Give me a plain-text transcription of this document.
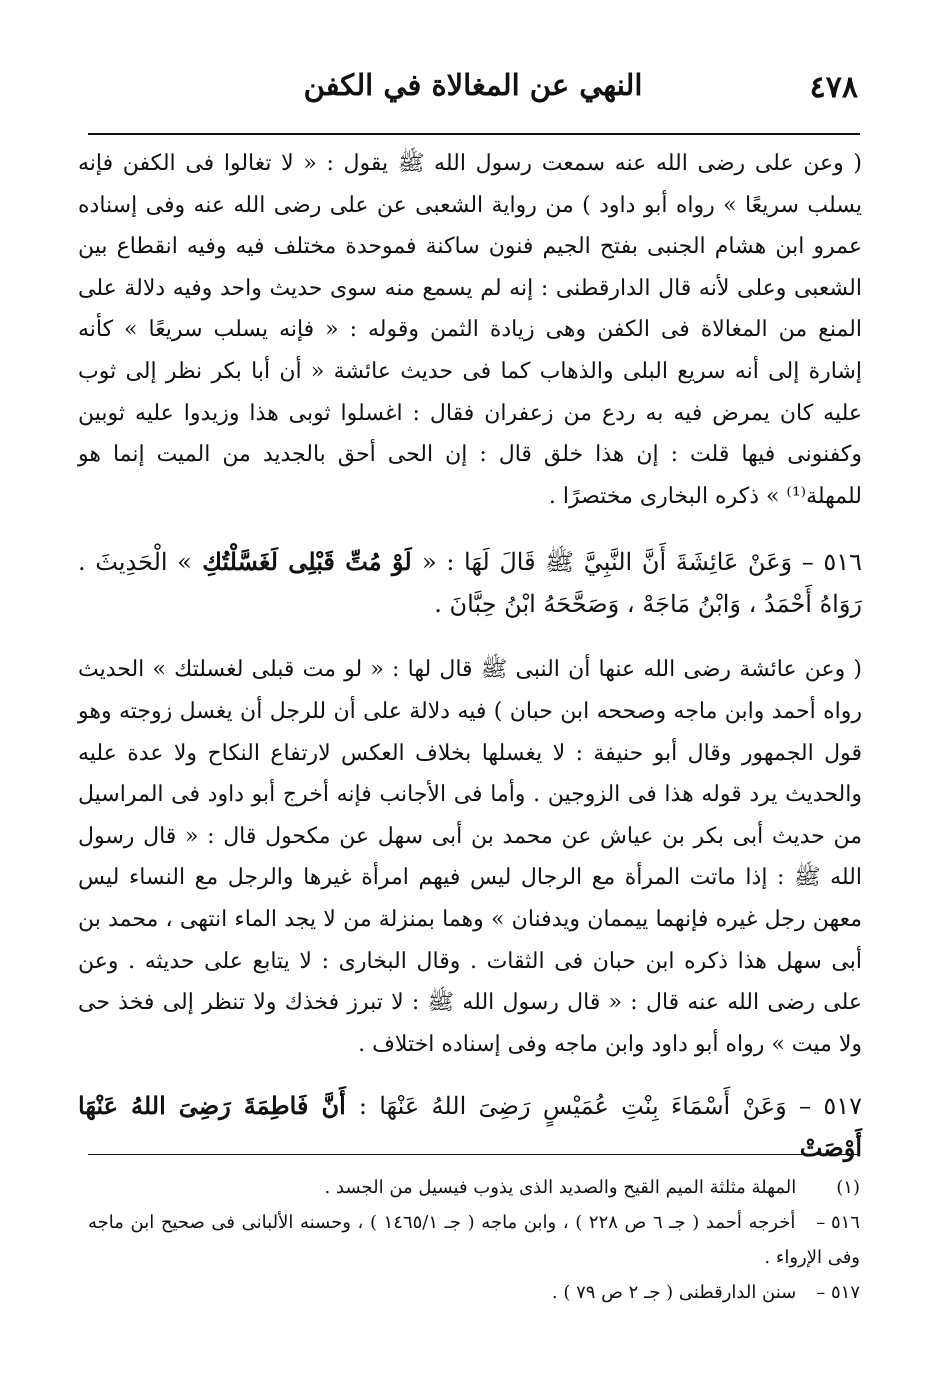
٤٧٨
النهي عن المغالاة في الكفن

( وعن على رضى الله عنه سمعت رسول الله ﷺ يقول : « لا تغالوا فى الكفن فإنه يسلب سريعًا » رواه أبو داود ) من رواية الشعبى عن على رضى الله عنه وفى إسناده عمرو ابن هشام الجنبى بفتح الجيم فنون ساكنة فموحدة مختلف فيه وفيه انقطاع بين الشعبى وعلى لأنه قال الدارقطنى : إنه لم يسمع منه سوى حديث واحد وفيه دلالة على المنع من المغالاة فى الكفن وهى زيادة الثمن وقوله : « فإنه يسلب سريعًا » كأنه إشارة إلى أنه سريع البلى والذهاب كما فى حديث عائشة « أن أبا بكر نظر إلى ثوب عليه كان يمرض فيه به ردع من زعفران فقال : اغسلوا ثوبى هذا وزيدوا عليه ثوبين وكفنونى فيها قلت : إن هذا خلق قال : إن الحى أحق بالجديد من الميت إنما هو للمهلة⁽¹⁾ » ذكره البخارى مختصرًا .

٥١٦ – وَعَنْ عَائِشَةَ أَنَّ النَّبِيَّ ﷺ قَالَ لَهَا : « لَوْ مُتِّ قَبْلِى لَغَسَّلْتُكِ » الْحَدِيثَ . رَوَاهُ أَحْمَدُ ، وَابْنُ مَاجَهْ ، وَصَحَّحَهُ ابْنُ حِبَّانَ .

( وعن عائشة رضى الله عنها أن النبى ﷺ قال لها : « لو مت قبلى لغسلتك » الحديث رواه أحمد وابن ماجه وصححه ابن حبان ) فيه دلالة على أن للرجل أن يغسل زوجته وهو قول الجمهور وقال أبو حنيفة : لا يغسلها بخلاف العكس لارتفاع النكاح ولا عدة عليه والحديث يرد قوله هذا فى الزوجين . وأما فى الأجانب فإنه أخرج أبو داود فى المراسيل من حديث أبى بكر بن عياش عن محمد بن أبى سهل عن مكحول قال : « قال رسول الله ﷺ : إذا ماتت المرأة مع الرجال ليس فيهم امرأة غيرها والرجل مع النساء ليس معهن رجل غيره فإنهما ييممان ويدفنان » وهما بمنزلة من لا يجد الماء انتهى ، محمد بن أبى سهل هذا ذكره ابن حبان فى الثقات . وقال البخارى : لا يتابع على حديثه . وعن على رضى الله عنه قال : « قال رسول الله ﷺ : لا تبرز فخذك ولا تنظر إلى فخذ حى ولا ميت » رواه أبو داود وابن ماجه وفى إسناده اختلاف .

٥١٧ – وَعَنْ أَسْمَاءَ بِنْتِ عُمَيْسٍ رَضِىَ اللهُ عَنْهَا : أَنَّ فَاطِمَةَ رَضِىَ اللهُ عَنْهَا أَوْصَتْ

(١) المهلة مثلثة الميم القيح والصديد الذى يذوب فيسيل من الجسد .

٥١٦ – أخرجه أحمد ( جـ ٦ ص ٢٢٨ ) ، وابن ماجه ( جـ ١٤٦٥/١ ) ، وحسنه الألبانى فى صحيح ابن ماجه وفى الإرواء .

٥١٧ – سنن الدارقطنى ( جـ ٢ ص ٧٩ ) .
